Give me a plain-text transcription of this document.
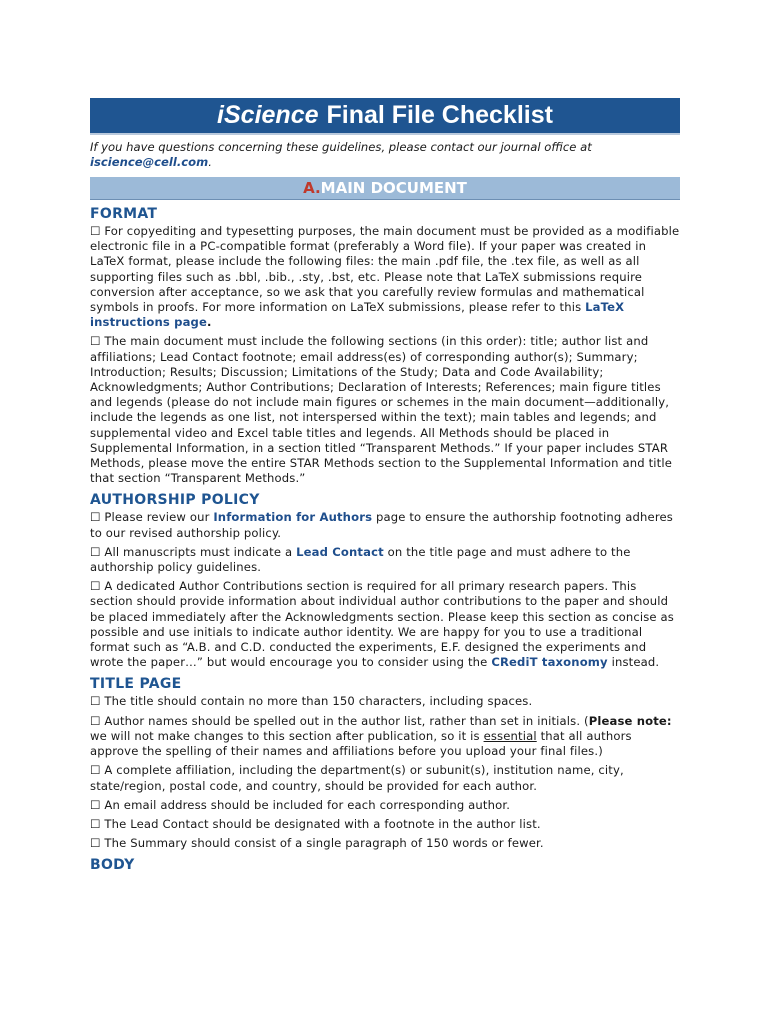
iScience Final File Checklist
If you have questions concerning these guidelines, please contact our journal office at iscience@cell.com.
A. MAIN DOCUMENT
FORMAT

☐ For copyediting and typesetting purposes, the main document must be provided as a modifiable electronic file in a PC-compatible format (preferably a Word file). If your paper was created in LaTeX format, please include the following files: the main .pdf file, the .tex file, as well as all supporting files such as .bbl, .bib., .sty, .bst, etc. Please note that LaTeX submissions require conversion after acceptance, so we ask that you carefully review formulas and mathematical symbols in proofs. For more information on LaTeX submissions, please refer to this LaTeX instructions page.

☐ The main document must include the following sections (in this order): title; author list and affiliations; Lead Contact footnote; email address(es) of corresponding author(s); Summary; Introduction; Results; Discussion; Limitations of the Study; Data and Code Availability; Acknowledgments; Author Contributions; Declaration of Interests; References; main figure titles and legends (please do not include main figures or schemes in the main document—additionally, include the legends as one list, not interspersed within the text); main tables and legends; and supplemental video and Excel table titles and legends. All Methods should be placed in Supplemental Information, in a section titled “Transparent Methods.” If your paper includes STAR Methods, please move the entire STAR Methods section to the Supplemental Information and title that section “Transparent Methods.”

AUTHORSHIP POLICY

☐ Please review our Information for Authors page to ensure the authorship footnoting adheres to our revised authorship policy.

☐ All manuscripts must indicate a Lead Contact on the title page and must adhere to the authorship policy guidelines.

☐ A dedicated Author Contributions section is required for all primary research papers. This section should provide information about individual author contributions to the paper and should be placed immediately after the Acknowledgments section. Please keep this section as concise as possible and use initials to indicate author identity. We are happy for you to use a traditional format such as “A.B. and C.D. conducted the experiments, E.F. designed the experiments and wrote the paper…” but would encourage you to consider using the CRediT taxonomy instead.

TITLE PAGE

☐ The title should contain no more than 150 characters, including spaces.

☐ Author names should be spelled out in the author list, rather than set in initials. (Please note: we will not make changes to this section after publication, so it is essential that all authors approve the spelling of their names and affiliations before you upload your final files.)

☐ A complete affiliation, including the department(s) or subunit(s), institution name, city, state/region, postal code, and country, should be provided for each author.

☐ An email address should be included for each corresponding author.

☐ The Lead Contact should be designated with a footnote in the author list.

☐ The Summary should consist of a single paragraph of 150 words or fewer.

BODY
